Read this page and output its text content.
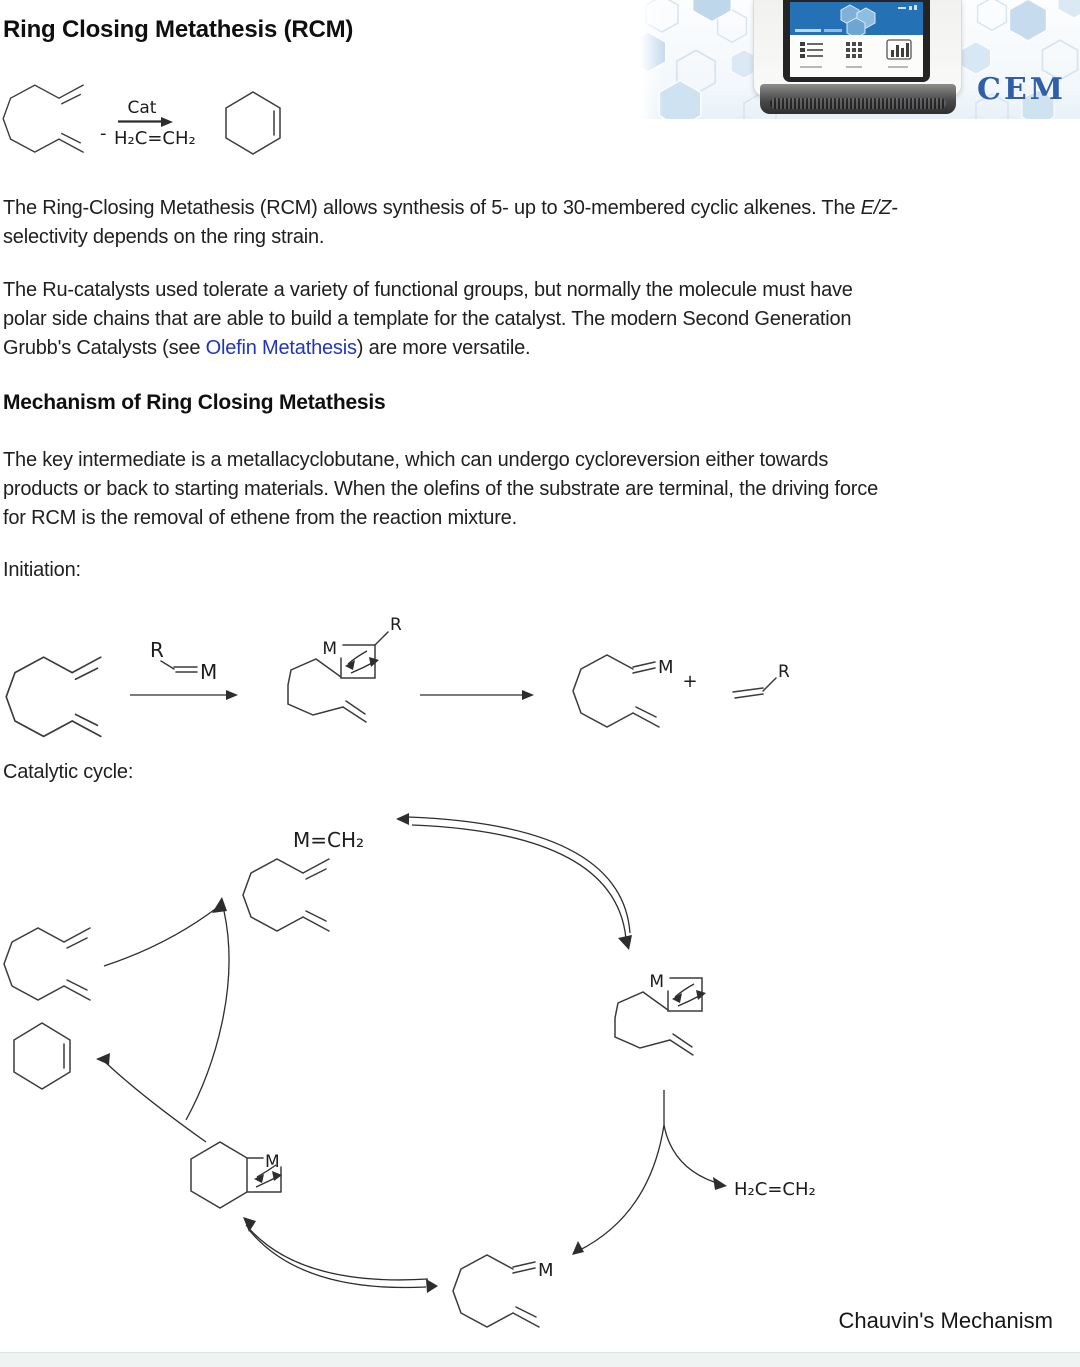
Ring Closing Metathesis (RCM)
CEM
Cat
- H₂C=CH₂
The Ring-Closing Metathesis (RCM) allows synthesis of 5- up to 30-membered cyclic alkenes. The E/Z-
selectivity depends on the ring strain.
The Ru-catalysts used tolerate a variety of functional groups, but normally the molecule must have
polar side chains that are able to build a template for the catalyst. The modern Second Generation
Grubb's Catalysts (see Olefin Metathesis) are more versatile.
Mechanism of Ring Closing Metathesis
The key intermediate is a metallacyclobutane, which can undergo cycloreversion either towards
products or back to starting materials. When the olefins of the substrate are terminal, the driving force
for RCM is the removal of ethene from the reaction mixture.
Initiation:
R
M
M
R
M
+	R
Catalytic cycle:
M=CH₂
M
H₂C=CH₂
M
M
Chauvin's Mechanism
